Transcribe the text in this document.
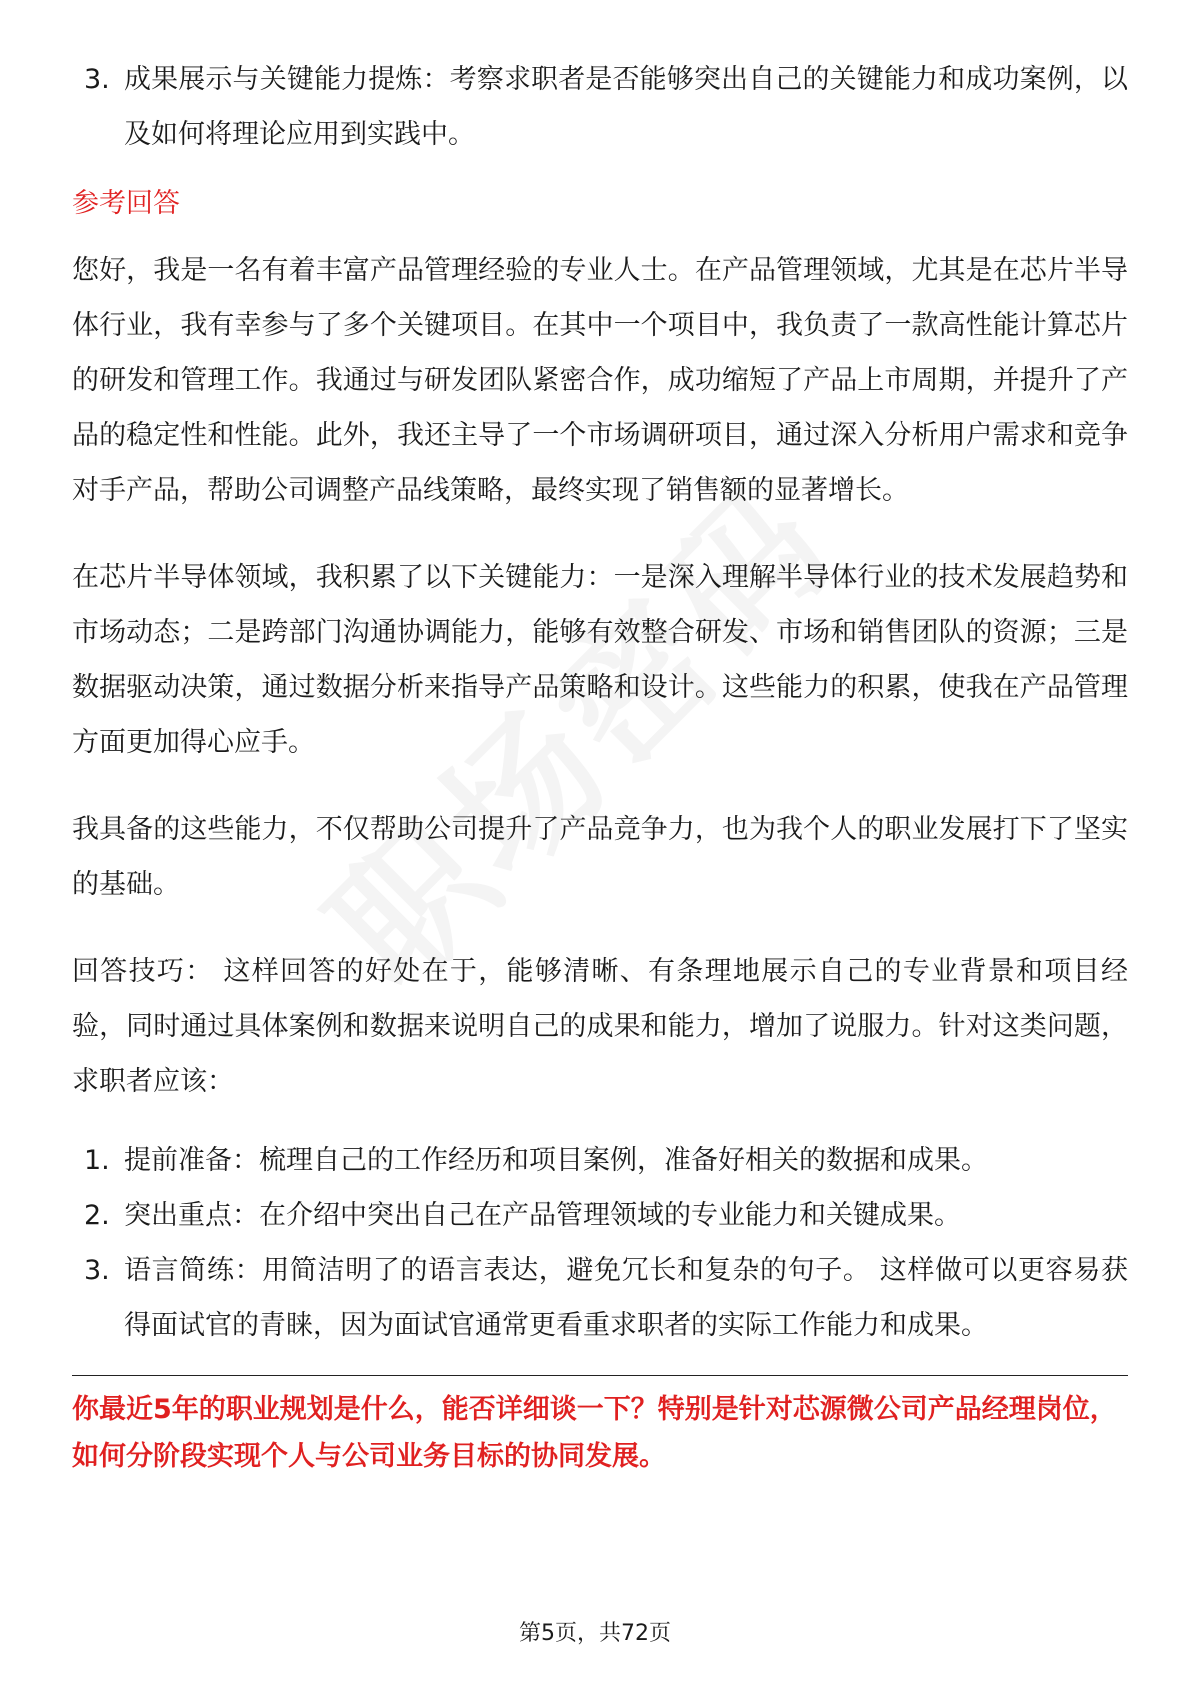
3. 成果展示与关键能力提炼：考察求职者是否能够突出自己的关键能力和成功案例，以及如何将理论应用到实践中。
参考回答

您好，我是一名有着丰富产品管理经验的专业人士。在产品管理领域，尤其是在芯片半导体行业，我有幸参与了多个关键项目。在其中一个项目中，我负责了一款高性能计算芯片的研发和管理工作。我通过与研发团队紧密合作，成功缩短了产品上市周期，并提升了产品的稳定性和性能。此外，我还主导了一个市场调研项目，通过深入分析用户需求和竞争对手产品，帮助公司调整产品线策略，最终实现了销售额的显著增长。

在芯片半导体领域，我积累了以下关键能力：一是深入理解半导体行业的技术发展趋势和市场动态；二是跨部门沟通协调能力，能够有效整合研发、市场和销售团队的资源；三是数据驱动决策，通过数据分析来指导产品策略和设计。这些能力的积累，使我在产品管理方面更加得心应手。

我具备的这些能力，不仅帮助公司提升了产品竞争力，也为我个人的职业发展打下了坚实的基础。

回答技巧： 这样回答的好处在于，能够清晰、有条理地展示自己的专业背景和项目经验，同时通过具体案例和数据来说明自己的成果和能力，增加了说服力。针对这类问题，求职者应该：

1. 提前准备：梳理自己的工作经历和项目案例，准备好相关的数据和成果。
2. 突出重点：在介绍中突出自己在产品管理领域的专业能力和关键成果。
3. 语言简练：用简洁明了的语言表达，避免冗长和复杂的句子。 这样做可以更容易获得面试官的青睐，因为面试官通常更看重求职者的实际工作能力和成果。

你最近5年的职业规划是什么，能否详细谈一下？特别是针对芯源微公司产品经理岗位，如何分阶段实现个人与公司业务目标的协同发展。

第5页，共72页
